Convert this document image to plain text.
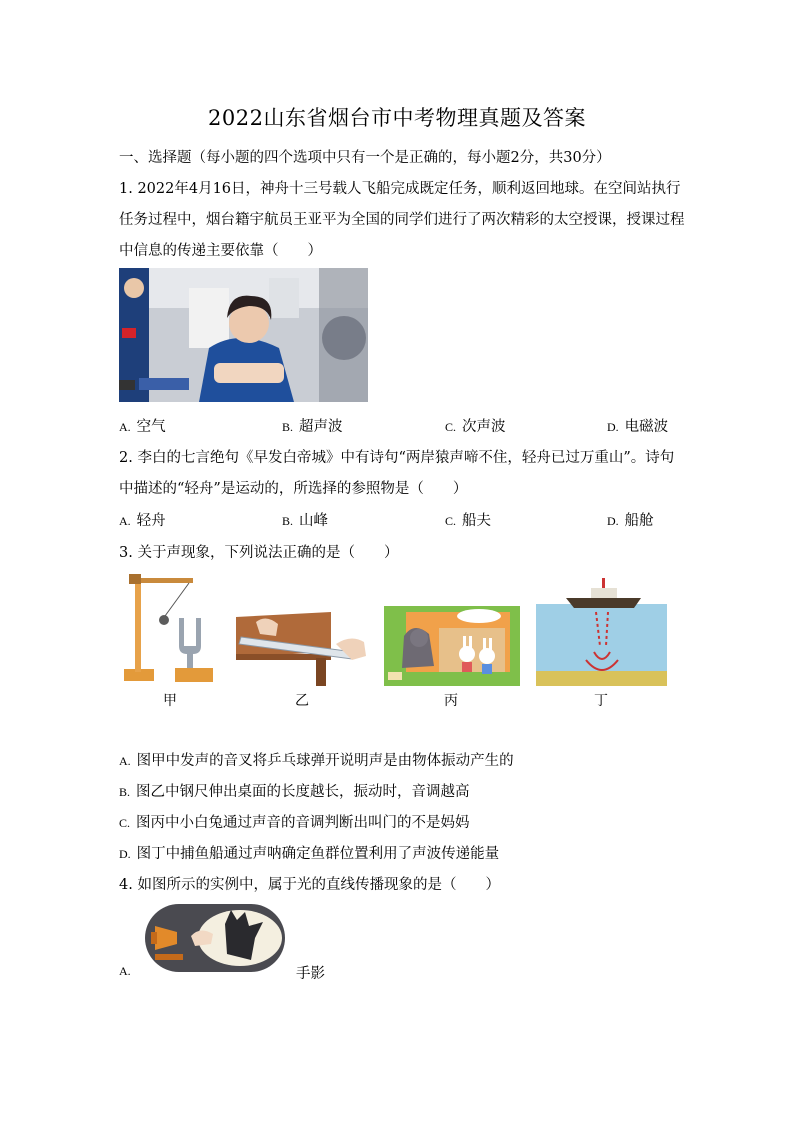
2022山东省烟台市中考物理真题及答案
一、选择题（每小题的四个选项中只有一个是正确的，每小题2分，共30分）
1. 2022年4月16日，神舟十三号载人飞船完成既定任务，顺利返回地球。在空间站执行
任务过程中，烟台籍宇航员王亚平为全国的同学们进行了两次精彩的太空授课，授课过程
中信息的传递主要依靠（　　）
A. 空气	B. 超声波	C. 次声波	D. 电磁波
2. 李白的七言绝句《早发白帝城》中有诗句“两岸猿声啼不住，轻舟已过万重山”。诗句
中描述的“轻舟”是运动的，所选择的参照物是（　　）
A. 轻舟	B. 山峰	C. 船夫	D. 船舱
3. 关于声现象，下列说法正确的是（　　）
甲	乙	丙	丁
A. 图甲中发声的音叉将乒乓球弹开说明声是由物体振动产生的
B. 图乙中钢尺伸出桌面的长度越长，振动时，音调越高
C. 图丙中小白兔通过声音的音调判断出叫门的不是妈妈
D. 图丁中捕鱼船通过声呐确定鱼群位置利用了声波传递能量
4. 如图所示的实例中，属于光的直线传播现象的是（　　）
A.	手影
